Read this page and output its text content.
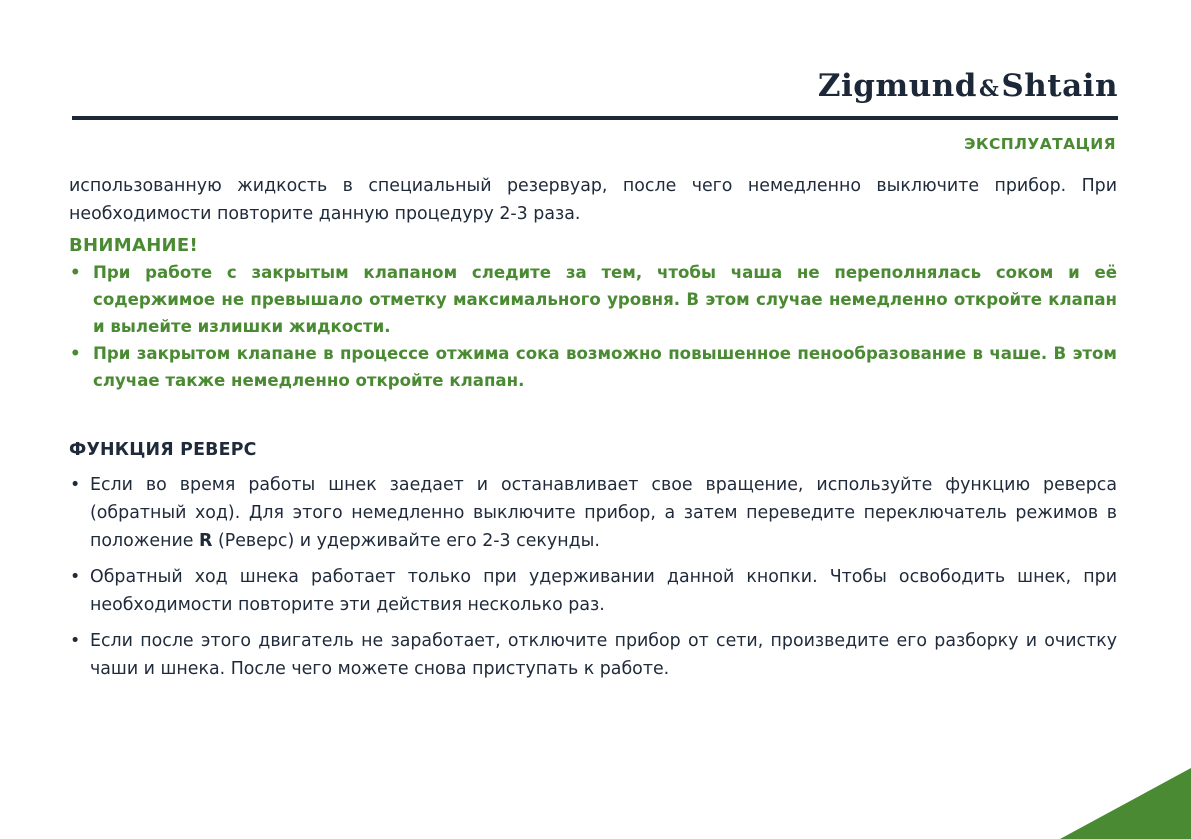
Zigmund&Shtain
ЭКСПЛУАТАЦИЯ

использованную жидкость в специальный резервуар, после чего немедленно выключите прибор. При необходимости повторите данную процедуру 2-3 раза.

ВНИМАНИЕ!
• При работе с закрытым клапаном следите за тем, чтобы чаша не переполнялась соком и её содержимое не превышало отметку максимального уровня. В этом случае немедленно откройте клапан и вылейте излишки жидкости.
• При закрытом клапане в процессе отжима сока возможно повышенное пенообразование в чаше. В этом случае также немедленно откройте клапан.
ФУНКЦИЯ РЕВЕРС
• Если во время работы шнек заедает и останавливает свое вращение, используйте функцию реверса (обратный ход). Для этого немедленно выключите прибор, а затем переведите переключатель режимов в положение R (Реверс) и удерживайте его 2-3 секунды.
• Обратный ход шнека работает только при удерживании данной кнопки. Чтобы освободить шнек, при необходимости повторите эти действия несколько раз.
• Если после этого двигатель не заработает, отключите прибор от сети, произведите его разборку и очистку чаши и шнека. После чего можете снова приступать к работе.
